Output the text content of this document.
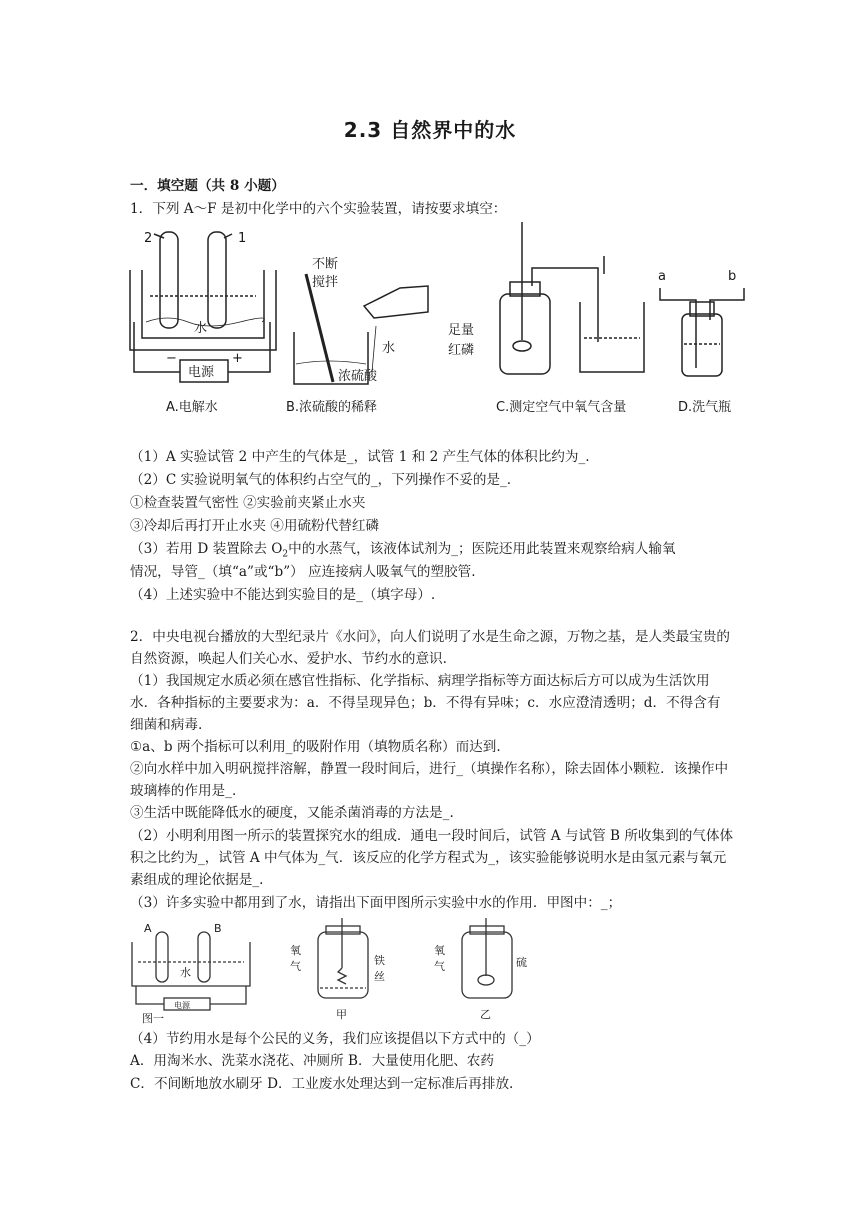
2.3 自然界中的水
一．填空题（共 8 小题）
1．下列 A～F 是初中化学中的六个实验装置，请按要求填空：
2	1
水
−	+
电源
A.电解水
不断
搅拌
水
浓硫酸
B.浓硫酸的稀释
足量
红磷
C.测定空气中氧气含量
a	b
D.洗气瓶
（1）A 实验试管 2 中产生的气体是_，试管 1 和 2 产生气体的体积比约为_.
（2）C 实验说明氧气的体积约占空气的_，下列操作不妥的是_.
①检查装置气密性 ②实验前夹紧止水夹
③冷却后再打开止水夹 ④用硫粉代替红磷
（3）若用 D 装置除去 $O_2$中的水蒸气，该液体试剂为_；医院还用此装置来观察给病人输氧
情况，导管_（填“a”或“b”） 应连接病人吸氧气的塑胶管.
（4）上述实验中不能达到实验目的是_（填字母）.
2．中央电视台播放的大型纪录片《水问》，向人们说明了水是生命之源，万物之基，是人类最宝贵的自然资源，唤起人们关心水、爱护水、节约水的意识.
（1）我国规定水质必须在感官性指标、化学指标、病理学指标等方面达标后方可以成为生活饮用水．各种指标的主要要求为：a．不得呈现异色；b．不得有异味；c．水应澄清透明；d．不得含有细菌和病毒.
①a、b 两个指标可以利用_的吸附作用（填物质名称）而达到.
②向水样中加入明矾搅拌溶解，静置一段时间后，进行_（填操作名称），除去固体小颗粒．该操作中玻璃棒的作用是_.
③生活中既能降低水的硬度，又能杀菌消毒的方法是_.
（2）小明利用图一所示的装置探究水的组成．通电一段时间后，试管 A 与试管 B 所收集到的气体体积之比约为_，试管 A 中气体为_气．该反应的化学方程式为_，该实验能够说明水是由氢元素与氧元素组成的理论依据是_.
（3）许多实验中都用到了水，请指出下面甲图所示实验中水的作用．甲图中：_；
A	B
水
电源
图一
氧
气	铁
丝
甲
氧
气	硫
乙
（4）节约用水是每个公民的义务，我们应该提倡以下方式中的（_）
A．用淘米水、洗菜水浇花、冲厕所 B．大量使用化肥、农药
C．不间断地放水刷牙 D．工业废水处理达到一定标准后再排放.
